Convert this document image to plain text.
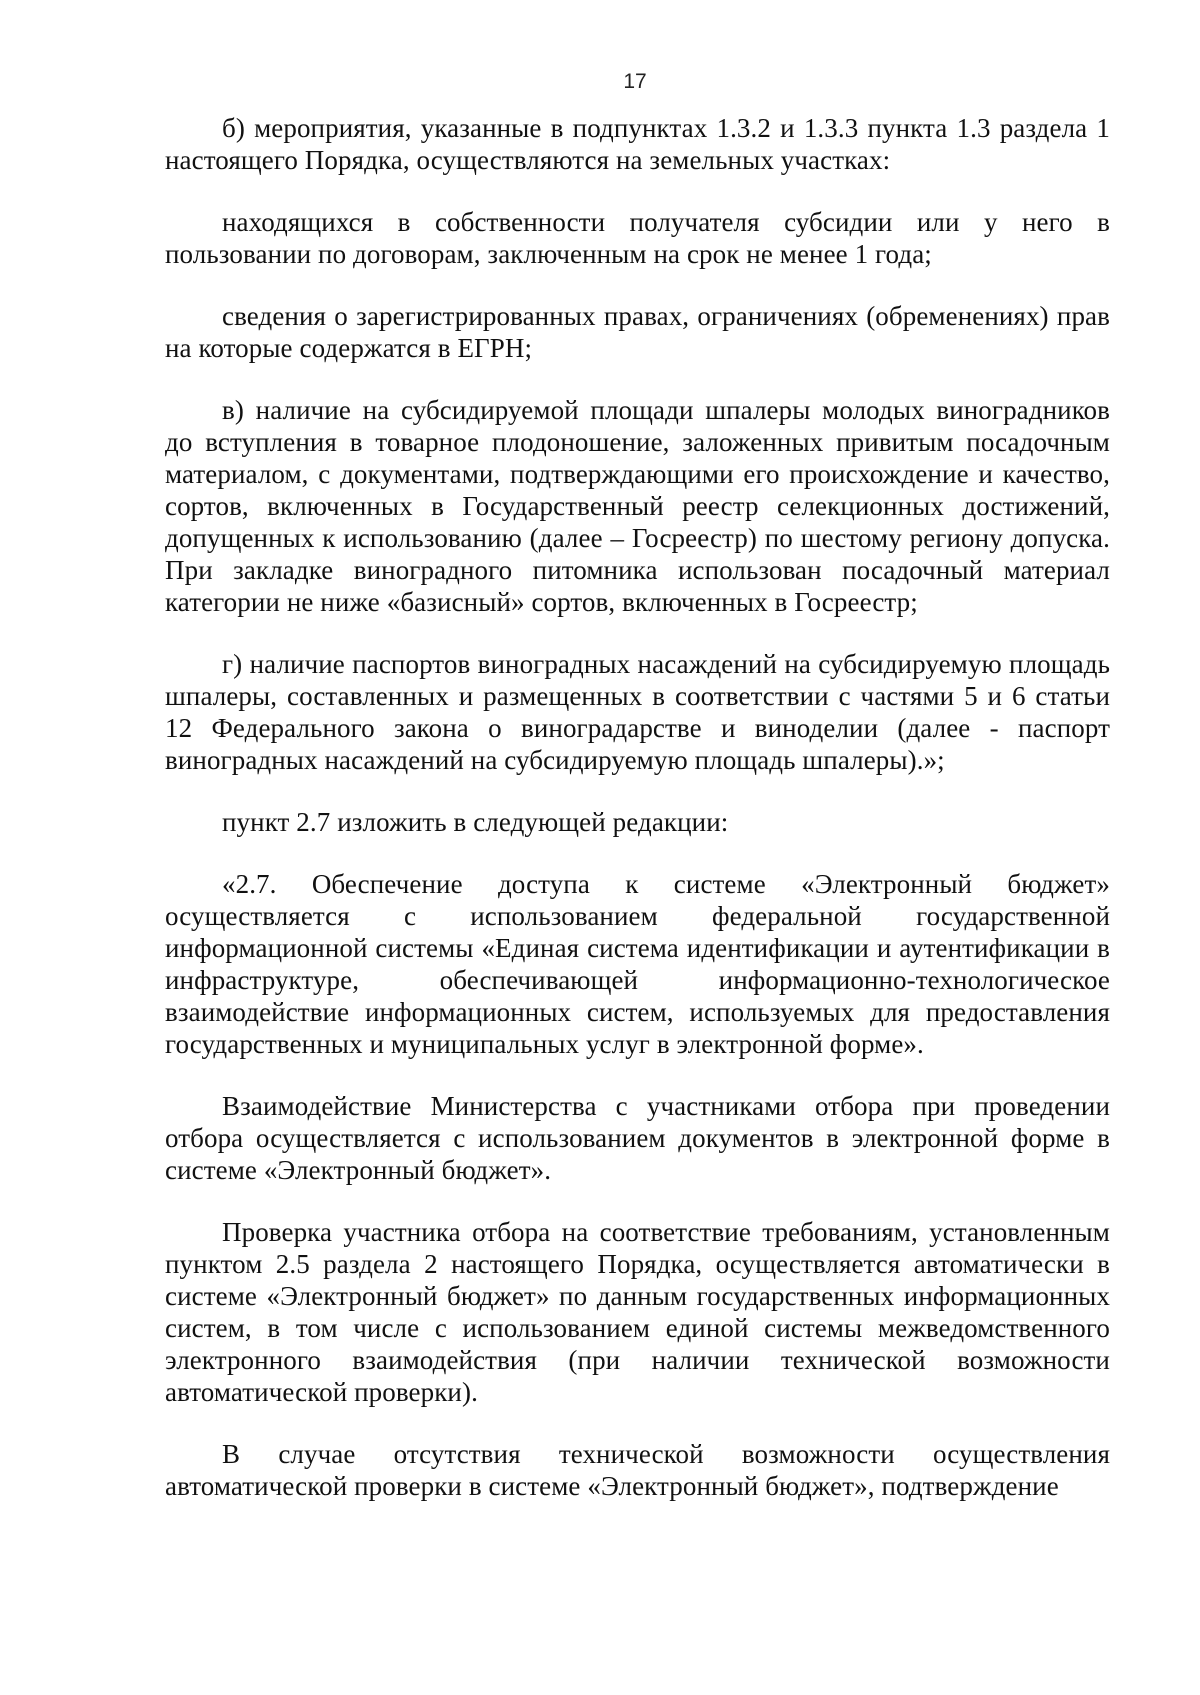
17

б) мероприятия, указанные в подпунктах 1.3.2 и 1.3.3 пункта 1.3 раздела 1 настоящего Порядка, осуществляются на земельных участках:

находящихся в собственности получателя субсидии или у него в пользовании по договорам, заключенным на срок не менее 1 года;

сведения о зарегистрированных правах, ограничениях (обременениях) прав на которые содержатся в ЕГРН;

в) наличие на субсидируемой площади шпалеры молодых виноградников до вступления в товарное плодоношение, заложенных привитым посадочным материалом, с документами, подтверждающими его происхождение и качество, сортов, включенных в Государственный реестр селекционных достижений, допущенных к использованию (далее – Госреестр) по шестому региону допуска. При закладке виноградного питомника использован посадочный материал категории не ниже «базисный» сортов, включенных в Госреестр;

г) наличие паспортов виноградных насаждений на субсидируемую площадь шпалеры, составленных и размещенных в соответствии с частями 5 и 6 статьи 12 Федерального закона о виноградарстве и виноделии (далее - паспорт виноградных насаждений на субсидируемую площадь шпалеры).»;

пункт 2.7 изложить в следующей редакции:

«2.7. Обеспечение доступа к системе «Электронный бюджет» осуществляется с использованием федеральной государственной информационной системы «Единая система идентификации и аутентификации в инфраструктуре, обеспечивающей информационно-технологическое взаимодействие информационных систем, используемых для предоставления государственных и муниципальных услуг в электронной форме».

Взаимодействие Министерства с участниками отбора при проведении отбора осуществляется с использованием документов в электронной форме в системе «Электронный бюджет».

Проверка участника отбора на соответствие требованиям, установленным пунктом 2.5 раздела 2 настоящего Порядка, осуществляется автоматически в системе «Электронный бюджет» по данным государственных информационных систем, в том числе с использованием единой системы межведомственного электронного взаимодействия (при наличии технической возможности автоматической проверки).

В случае отсутствия технической возможности осуществления автоматической проверки в системе «Электронный бюджет», подтверждение
